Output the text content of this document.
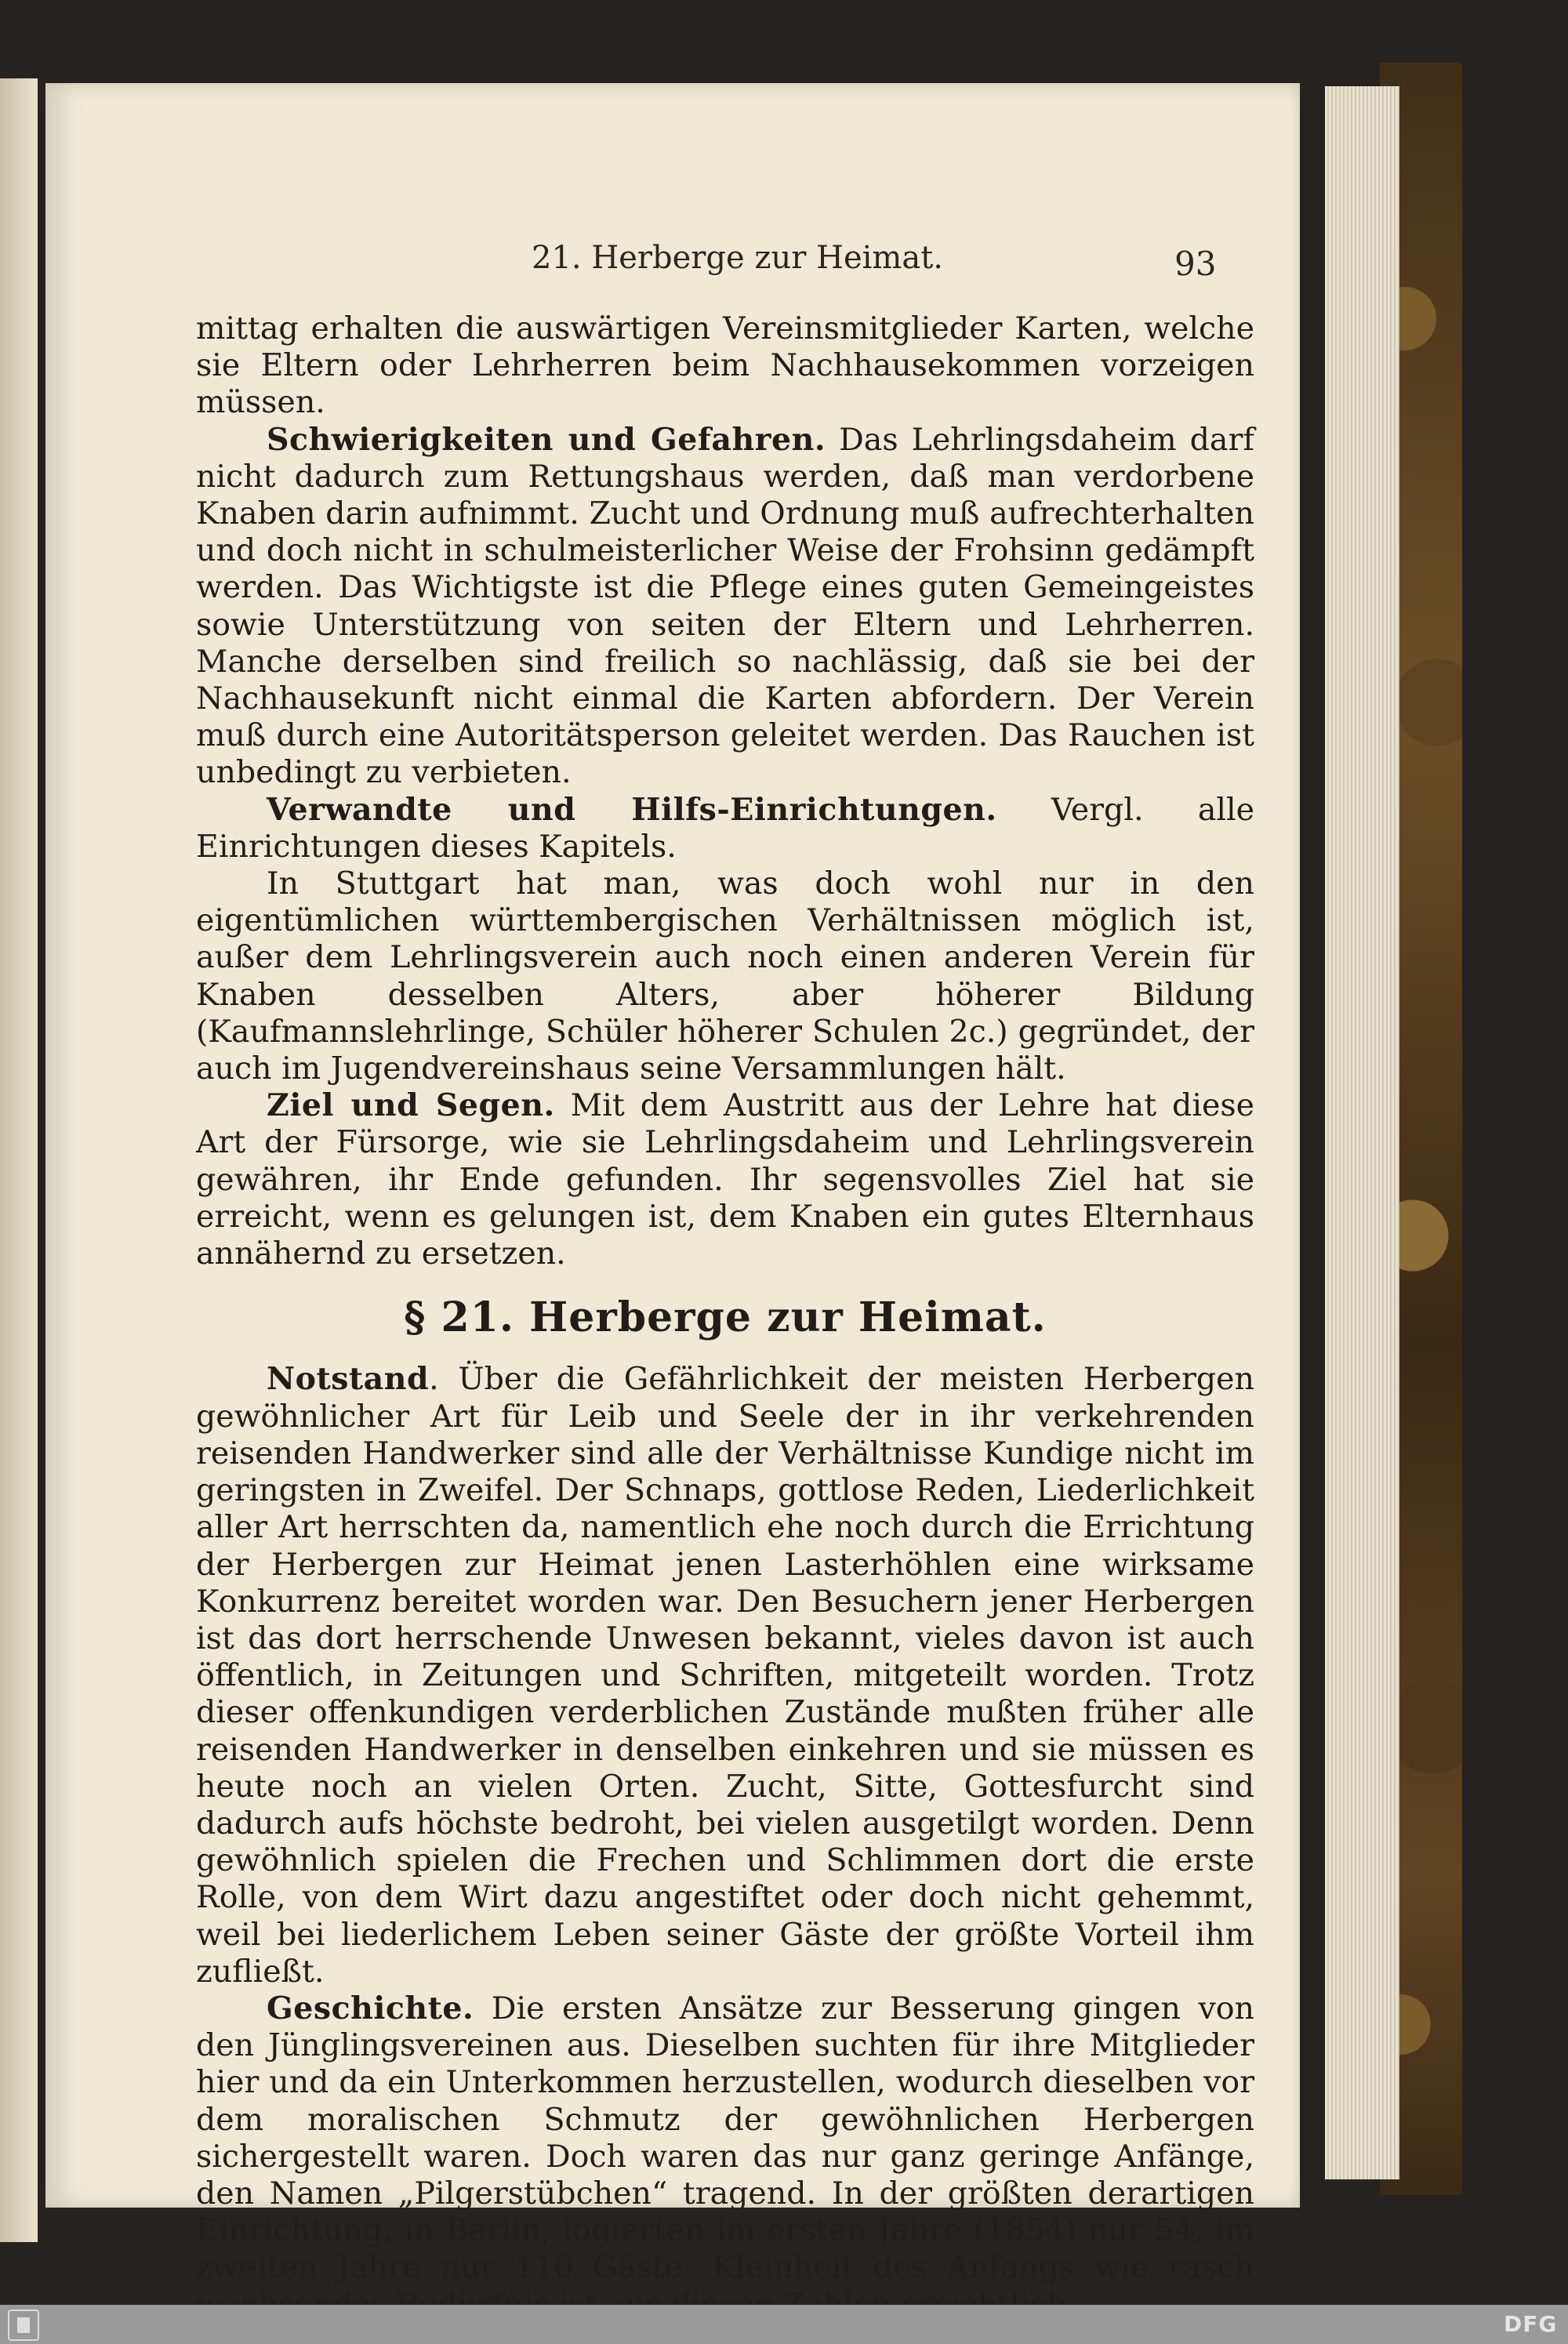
21. Herberge zur Heimat.	93

mittag erhalten die auswärtigen Vereinsmitglieder Karten, welche sie Eltern oder Lehrherren beim Nachhausekommen vorzeigen müssen.

Schwierigkeiten und Gefahren. Das Lehrlingsdaheim darf nicht dadurch zum Rettungshaus werden, daß man verdorbene Knaben darin aufnimmt. Zucht und Ordnung muß aufrechterhalten und doch nicht in schulmeisterlicher Weise der Frohsinn gedämpft werden. Das Wichtigste ist die Pflege eines guten Gemeingeistes sowie Unterstützung von seiten der Eltern und Lehrherren. Manche derselben sind freilich so nachlässig, daß sie bei der Nachhausekunft nicht einmal die Karten abfordern. Der Verein muß durch eine Autoritätsperson geleitet werden. Das Rauchen ist unbedingt zu verbieten.

Verwandte und Hilfs-Einrichtungen. Vergl. alle Einrichtungen dieses Kapitels.

In Stuttgart hat man, was doch wohl nur in den eigentümlichen württembergischen Verhältnissen möglich ist, außer dem Lehrlingsverein auch noch einen anderen Verein für Knaben desselben Alters, aber höherer Bildung (Kaufmannslehrlinge, Schüler höherer Schulen 2c.) gegründet, der auch im Jugendvereinshaus seine Versammlungen hält.

Ziel und Segen. Mit dem Austritt aus der Lehre hat diese Art der Fürsorge, wie sie Lehrlingsdaheim und Lehrlingsverein gewähren, ihr Ende gefunden. Ihr segensvolles Ziel hat sie erreicht, wenn es gelungen ist, dem Knaben ein gutes Elternhaus annähernd zu ersetzen.

§ 21. Herberge zur Heimat.

Notstand. Über die Gefährlichkeit der meisten Herbergen gewöhnlicher Art für Leib und Seele der in ihr verkehrenden reisenden Handwerker sind alle der Verhältnisse Kundige nicht im geringsten in Zweifel. Der Schnaps, gottlose Reden, Liederlichkeit aller Art herrschten da, namentlich ehe noch durch die Errichtung der Herbergen zur Heimat jenen Lasterhöhlen eine wirksame Konkurrenz bereitet worden war. Den Besuchern jener Herbergen ist das dort herrschende Unwesen bekannt, vieles davon ist auch öffentlich, in Zeitungen und Schriften, mitgeteilt worden. Trotz dieser offenkundigen verderblichen Zustände mußten früher alle reisenden Handwerker in denselben einkehren und sie müssen es heute noch an vielen Orten. Zucht, Sitte, Gottesfurcht sind dadurch aufs höchste bedroht, bei vielen ausgetilgt worden. Denn gewöhnlich spielen die Frechen und Schlimmen dort die erste Rolle, von dem Wirt dazu angestiftet oder doch nicht gehemmt, weil bei liederlichem Leben seiner Gäste der größte Vorteil ihm zufließt.

Geschichte. Die ersten Ansätze zur Besserung gingen von den Jünglingsvereinen aus. Dieselben suchten für ihre Mitglieder hier und da ein Unterkommen herzustellen, wodurch dieselben vor dem moralischen Schmutz der gewöhnlichen Herbergen sichergestellt waren. Doch waren das nur ganz geringe Anfänge, den Namen „Pilgerstübchen“ tragend. In der größten derartigen Einrichtung, in Berlin, logierten im ersten Jahre (1854) nur 54, im zweiten Jahre nur 110 Gäste. Kleinheit des Anfangs wie rasch

DFG
